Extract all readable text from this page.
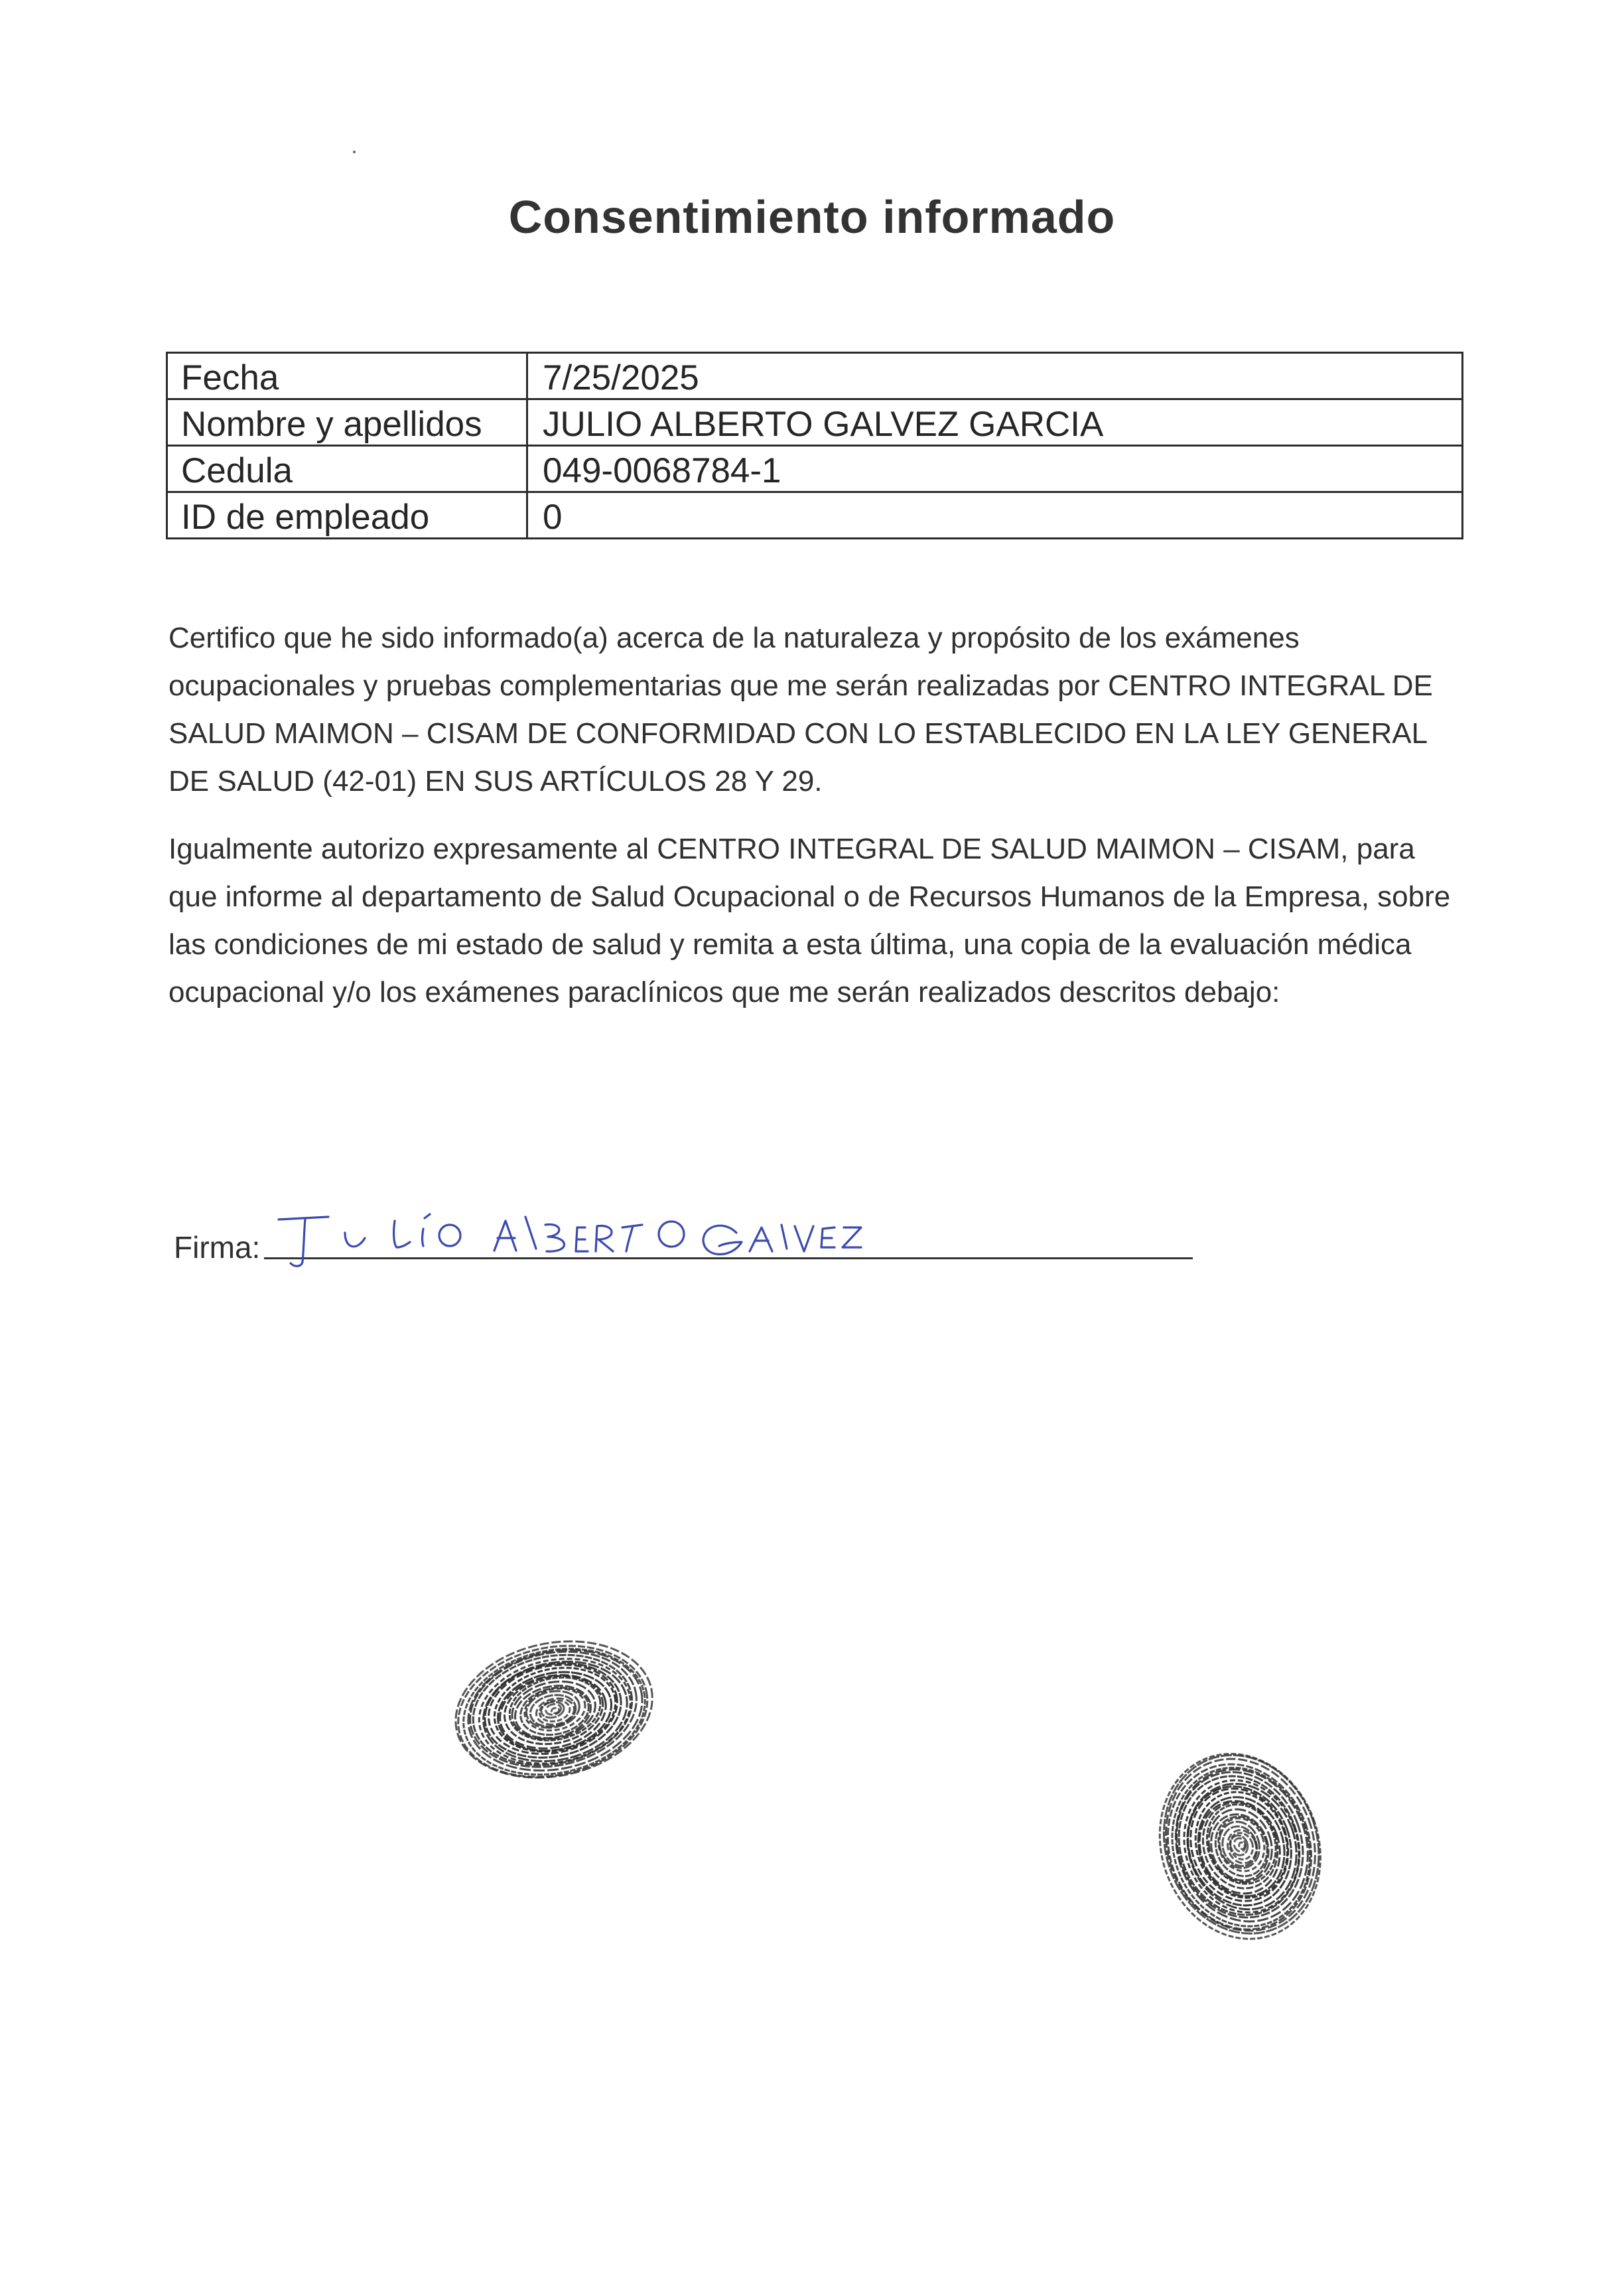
Consentimiento informado
Fecha	7/25/2025
Nombre y apellidos	JULIO ALBERTO GALVEZ GARCIA
Cedula	049-0068784-1
ID de empleado	0

Certifico que he sido informado(a) acerca de la naturaleza y propósito de los exámenes ocupacionales y pruebas complementarias que me serán realizadas por CENTRO INTEGRAL DE SALUD MAIMON – CISAM DE CONFORMIDAD CON LO ESTABLECIDO EN LA LEY GENERAL DE SALUD (42-01) EN SUS ARTÍCULOS 28 Y 29.

Igualmente autorizo expresamente al CENTRO INTEGRAL DE SALUD MAIMON – CISAM, para que informe al departamento de Salud Ocupacional o de Recursos Humanos de la Empresa, sobre las condiciones de mi estado de salud y remita a esta última, una copia de la evaluación médica ocupacional y/o los exámenes paraclínicos que me serán realizados descritos debajo:

Firma:
